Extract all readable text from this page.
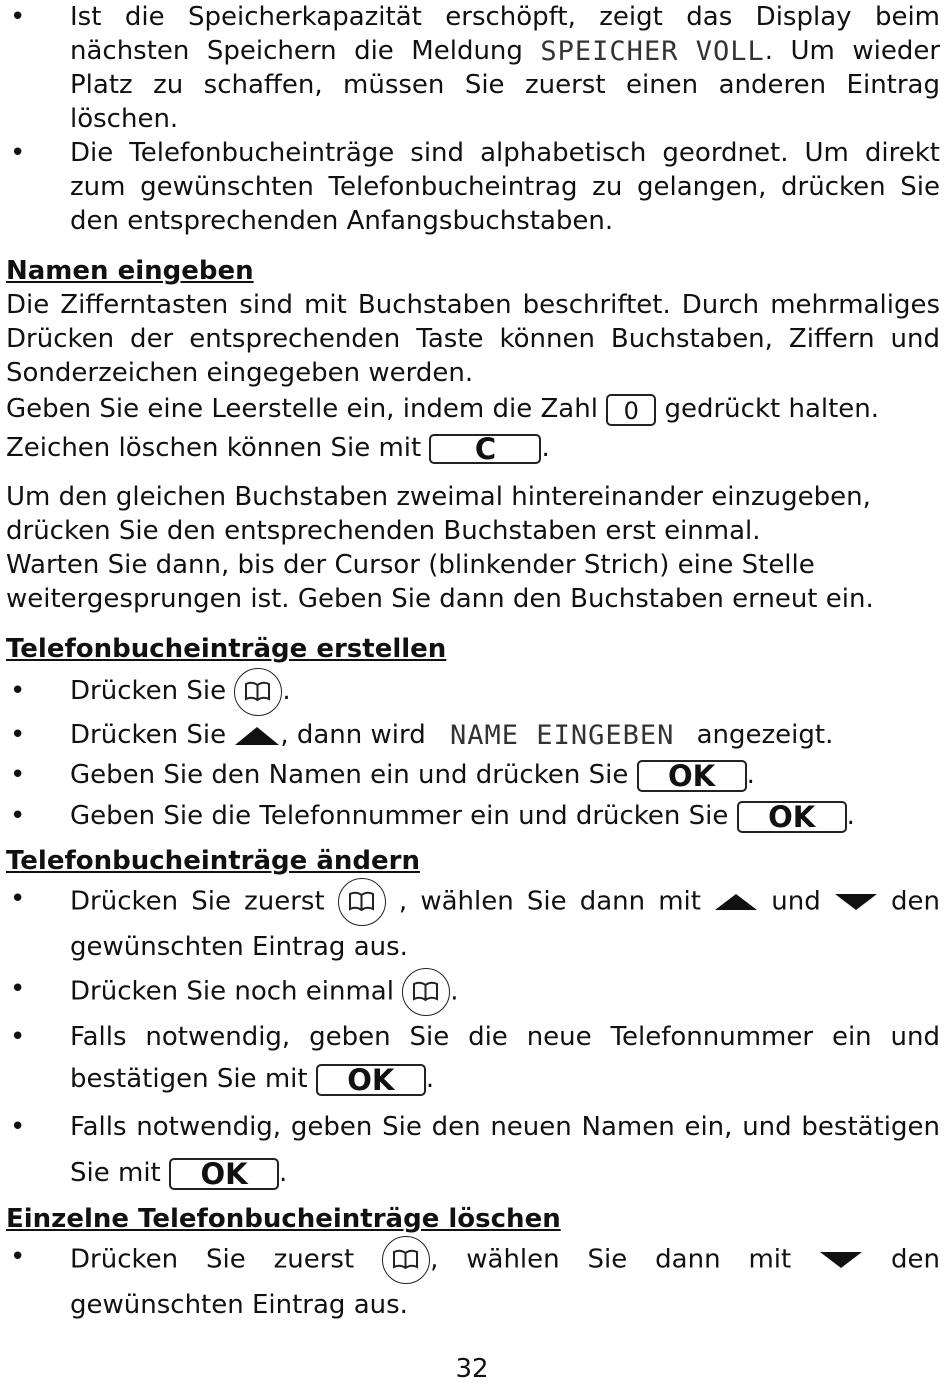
•	Ist die Speicherkapazität erschöpft, zeigt das Display beim nächsten Speichern die Meldung SPEICHER VOLL. Um wieder Platz zu schaffen, müssen Sie zuerst einen anderen Eintrag löschen.
•	Die Telefonbucheinträge sind alphabetisch geordnet. Um direkt zum gewünschten Telefonbucheintrag zu gelangen, drücken Sie den entsprechenden Anfangsbuchstaben.
Namen eingeben

Die Zifferntasten sind mit Buchstaben beschriftet. Durch mehrmaliges Drücken der entsprechenden Taste können Buchstaben, Ziffern und Sonderzeichen eingegeben werden.

Geben Sie eine Leerstelle ein, indem die Zahl 0 gedrückt halten.

Zeichen löschen können Sie mit C .

Um den gleichen Buchstaben zweimal hintereinander einzugeben, drücken Sie den entsprechenden Buchstaben erst einmal.

Warten Sie dann, bis der Cursor (blinkender Strich) eine Stelle weitergesprungen ist. Geben Sie dann den Buchstaben erneut ein.

Telefonbucheinträge erstellen
•	Drücken Sie .
•	Drücken Sie , dann wird NAME EINGEBEN angezeigt.
•	Geben Sie den Namen ein und drücken Sie OK .
•	Geben Sie die Telefonnummer ein und drücken Sie OK .
Telefonbucheinträge ändern
•	Drücken Sie zuerst	, wählen Sie dann mit	und	den gewünschten Eintrag aus.
•	Drücken Sie noch einmal .
•	Falls notwendig, geben Sie die neue Telefonnummer ein und bestätigen Sie mit OK .
•	Falls notwendig, geben Sie den neuen Namen ein, und bestätigen Sie mit OK .
Einzelne Telefonbucheinträge löschen
•	Drücken Sie zuerst	, wählen Sie dann mit	den gewünschten Eintrag aus.
32
